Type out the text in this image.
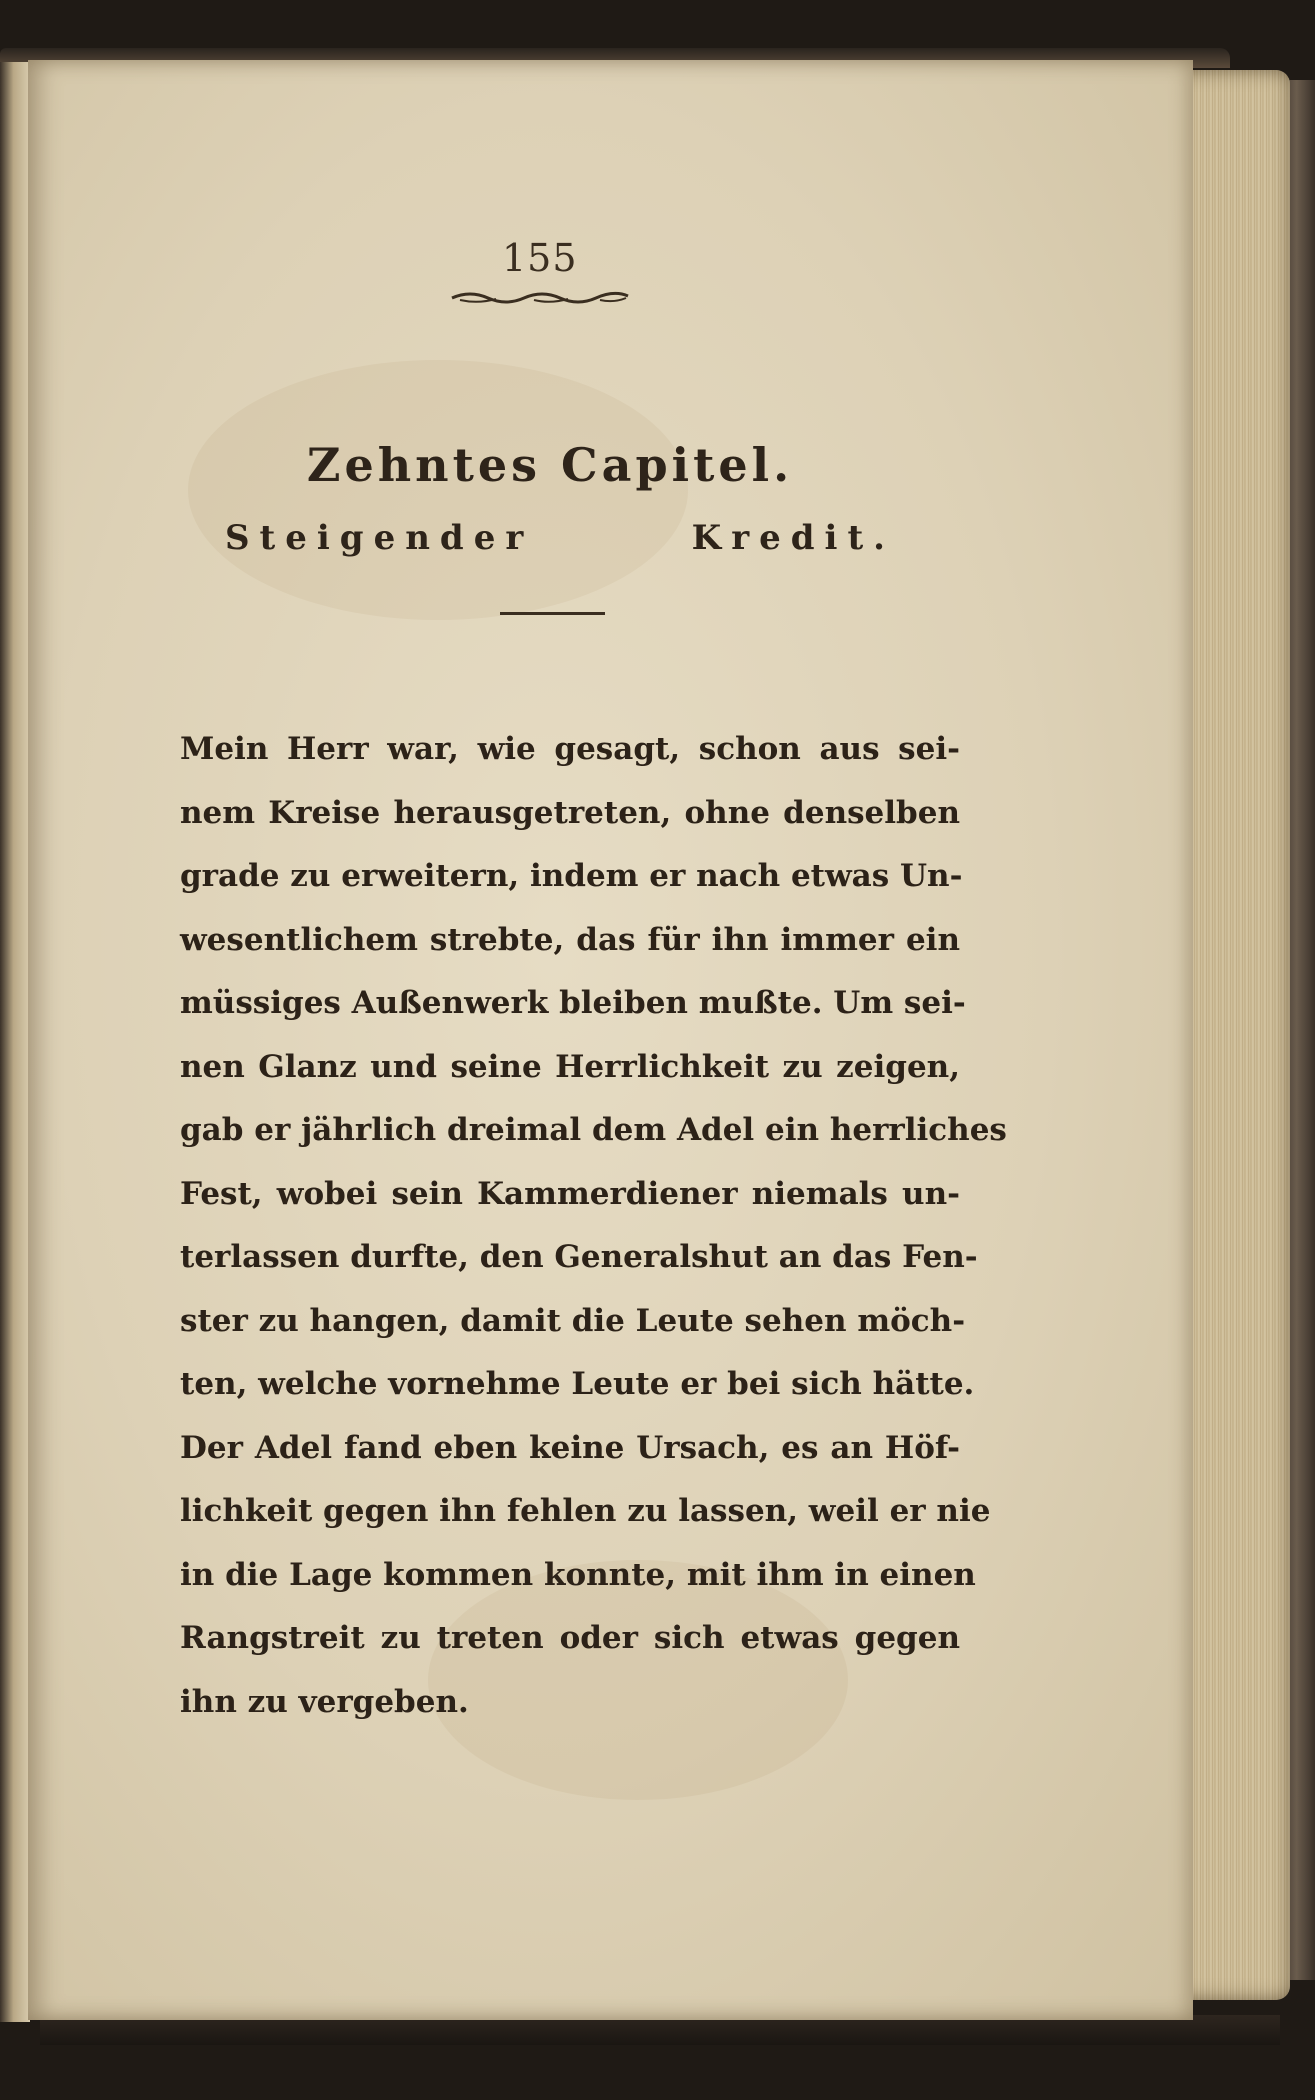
155
Zehntes Capitel.
Steigender Kredit.
Mein Herr war, wie gesagt, schon aus sei-
nem Kreise herausgetreten, ohne denselben
grade zu erweitern, indem er nach etwas Un-
wesentlichem strebte, das für ihn immer ein
müssiges Außenwerk bleiben mußte. Um sei-
nen Glanz und seine Herrlichkeit zu zeigen,
gab er jährlich dreimal dem Adel ein herrliches
Fest, wobei sein Kammerdiener niemals un-
terlassen durfte, den Generalshut an das Fen-
ster zu hangen, damit die Leute sehen möch-
ten, welche vornehme Leute er bei sich hätte.
Der Adel fand eben keine Ursach, es an Höf-
lichkeit gegen ihn fehlen zu lassen, weil er nie
in die Lage kommen konnte, mit ihm in einen
Rangstreit zu treten oder sich etwas gegen
ihn zu vergeben.
